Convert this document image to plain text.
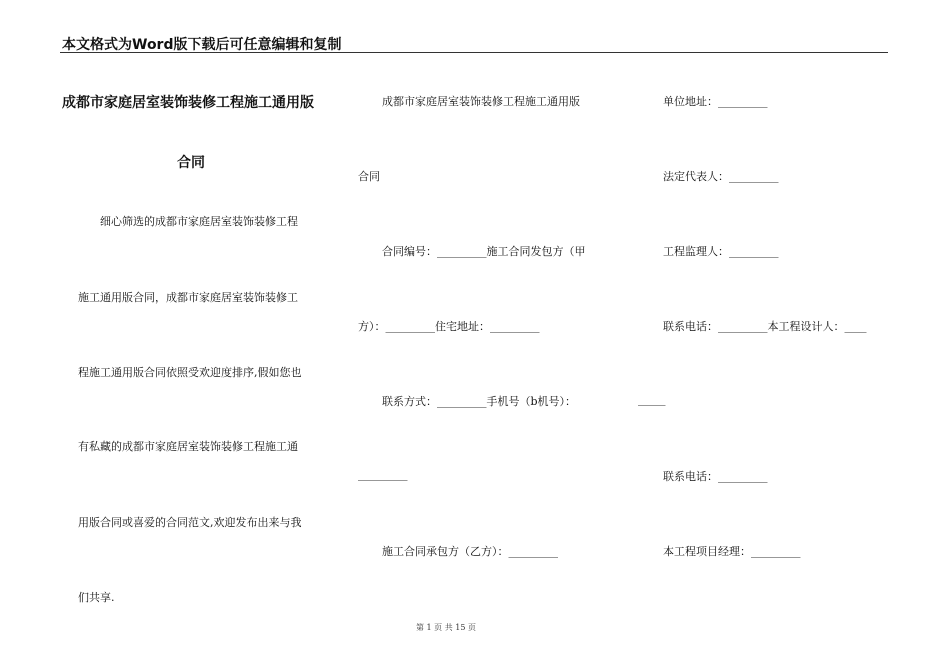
本文格式为Word版下载后可任意编辑和复制
成都市家庭居室装饰装修工程施工通用版
合同
细心筛选的成都市家庭居室装饰装修工程
施工通用版合同，成都市家庭居室装饰装修工
程施工通用版合同依照受欢迎度排序,假如您也
有私藏的成都市家庭居室装饰装修工程施工通
用版合同或喜爱的合同范文,欢迎发布出来与我
们共享.
成都市家庭居室装饰装修工程施工通用版
合同
合同编号：_________施工合同发包方（甲
方）：_________住宅地址：_________
联系方式：_________手机号（b机号）：	_____
_________
施工合同承包方（乙方）：_________
单位地址：_________
法定代表人：_________
工程监理人：_________
联系电话：_________本工程设计人：____
联系电话：_________
本工程项目经理：_________
第 1 页 共 15 页
